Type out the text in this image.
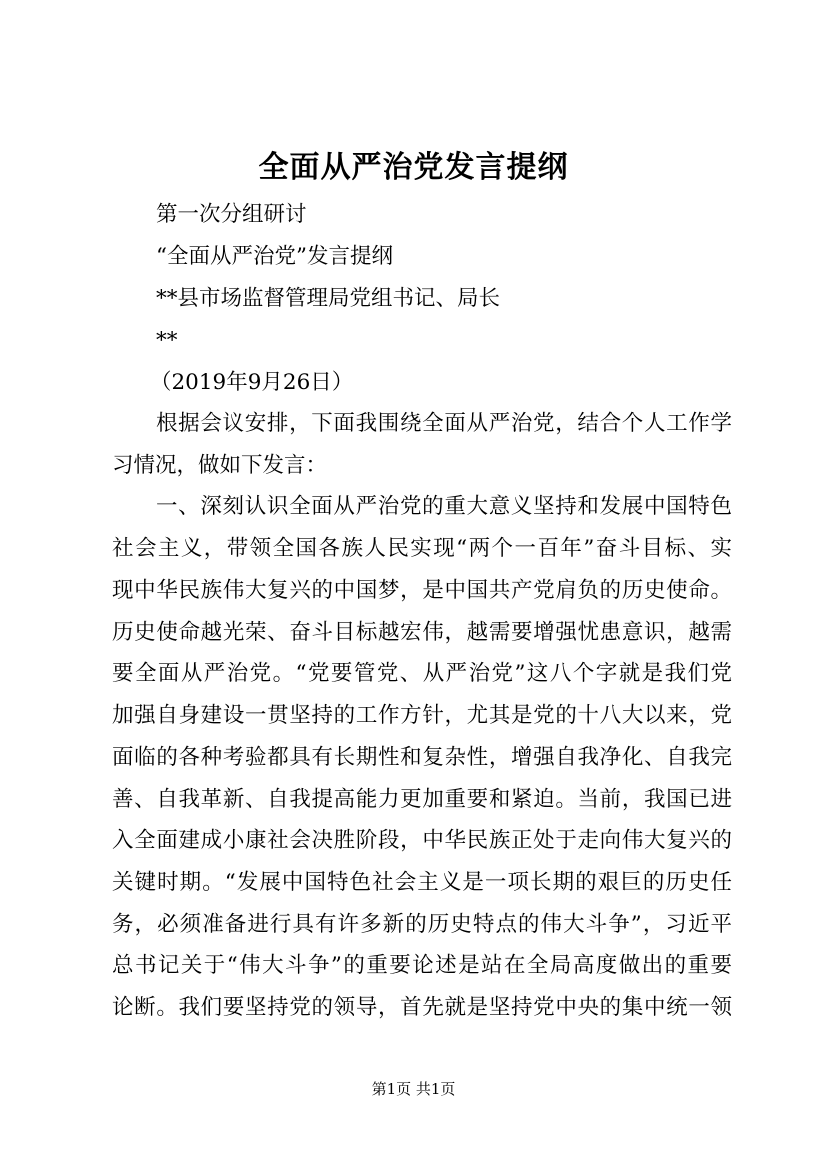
全面从严治党发言提纲
第一次分组研讨
“全面从严治党”发言提纲
**县市场监督管理局党组书记、局长
**
（2019年9月26日）
根据会议安排，下面我围绕全面从严治党，结合个人工作学
习情况，做如下发言：
一、深刻认识全面从严治党的重大意义坚持和发展中国特色
社会主义，带领全国各族人民实现“两个一百年”奋斗目标、实
现中华民族伟大复兴的中国梦，是中国共产党肩负的历史使命。
历史使命越光荣、奋斗目标越宏伟，越需要增强忧患意识，越需
要全面从严治党。“党要管党、从严治党”这八个字就是我们党
加强自身建设一贯坚持的工作方针，尤其是党的十八大以来，党
面临的各种考验都具有长期性和复杂性，增强自我净化、自我完
善、自我革新、自我提高能力更加重要和紧迫。当前，我国已进
入全面建成小康社会决胜阶段，中华民族正处于走向伟大复兴的
关键时期。“发展中国特色社会主义是一项长期的艰巨的历史任
务，必须准备进行具有许多新的历史特点的伟大斗争”，习近平
总书记关于“伟大斗争”的重要论述是站在全局高度做出的重要
论断。我们要坚持党的领导，首先就是坚持党中央的集中统一领
第1页 共1页
